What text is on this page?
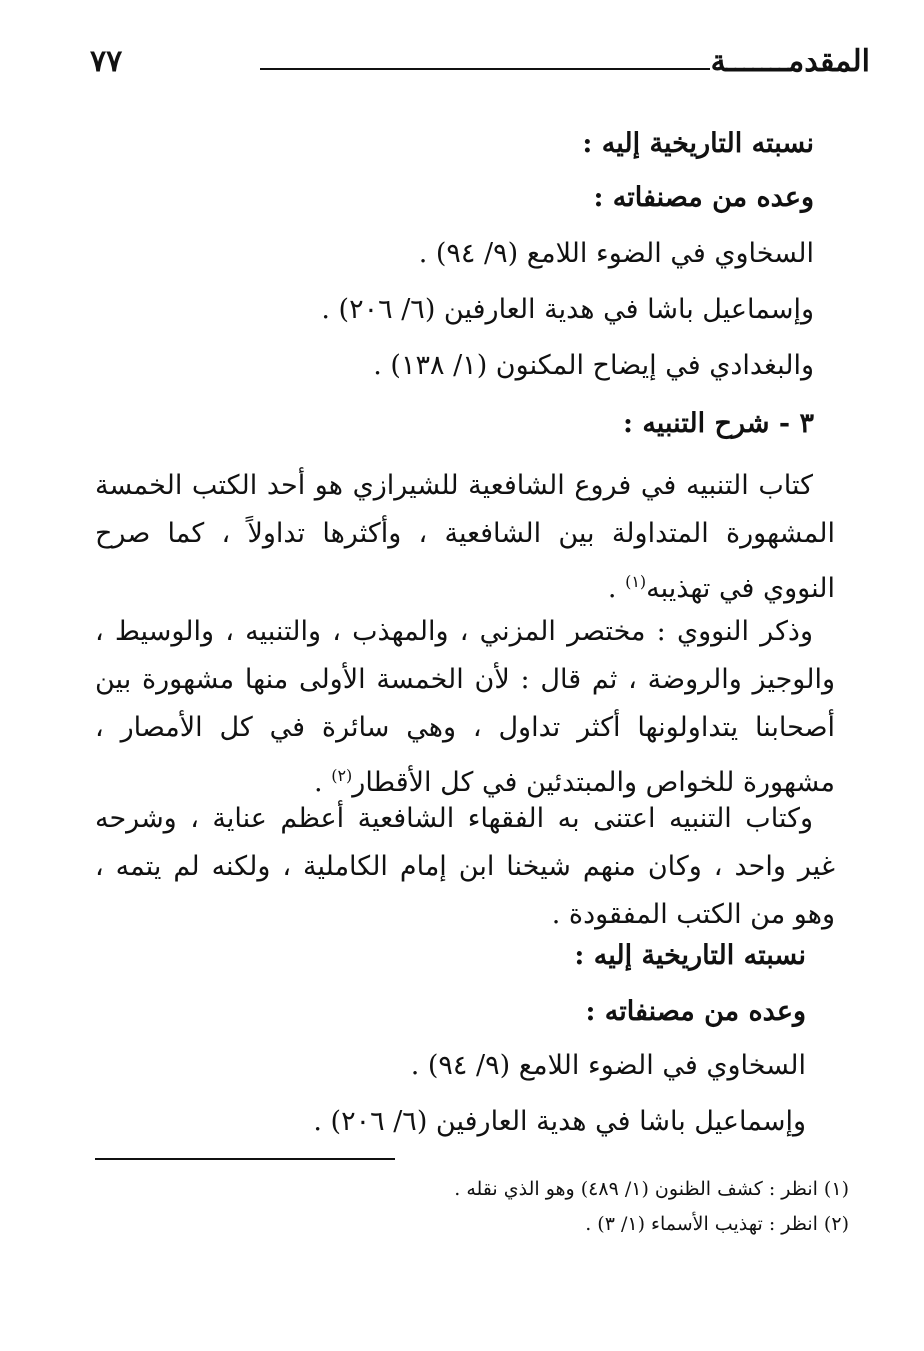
المقدمـــــــة
٧٧
نسبته التاريخية إليه :
وعده من مصنفاته :
السخاوي في الضوء اللامع (٩/ ٩٤) .
وإسماعيل باشا في هدية العارفين (٦/ ٢٠٦) .
والبغدادي في إيضاح المكنون (١/ ١٣٨) .
٣ - شرح التنبيه :
كتاب التنبيه في فروع الشافعية للشيرازي هو أحد الكتب الخمسة المشهورة المتداولة بين الشافعية ، وأكثرها تداولاً ، كما صرح النووي في تهذيبه$^{(١)}$ .
وذكر النووي : مختصر المزني ، والمهذب ، والتنبيه ، والوسيط ، والوجيز والروضة ، ثم قال : لأن الخمسة الأولى منها مشهورة بين أصحابنا يتداولونها أكثر تداول ، وهي سائرة في كل الأمصار ، مشهورة للخواص والمبتدئين في كل الأقطار$^{(٢)}$ .
وكتاب التنبيه اعتنى به الفقهاء الشافعية أعظم عناية ، وشرحه غير واحد ، وكان منهم شيخنا ابن إمام الكاملية ، ولكنه لم يتمه ، وهو من الكتب المفقودة .
نسبته التاريخية إليه :
وعده من مصنفاته :
السخاوي في الضوء اللامع (٩/ ٩٤) .
وإسماعيل باشا في هدية العارفين (٦/ ٢٠٦) .
(١) انظر : كشف الظنون (١/ ٤٨٩) وهو الذي نقله .
(٢) انظر : تهذيب الأسماء (١/ ٣) .
